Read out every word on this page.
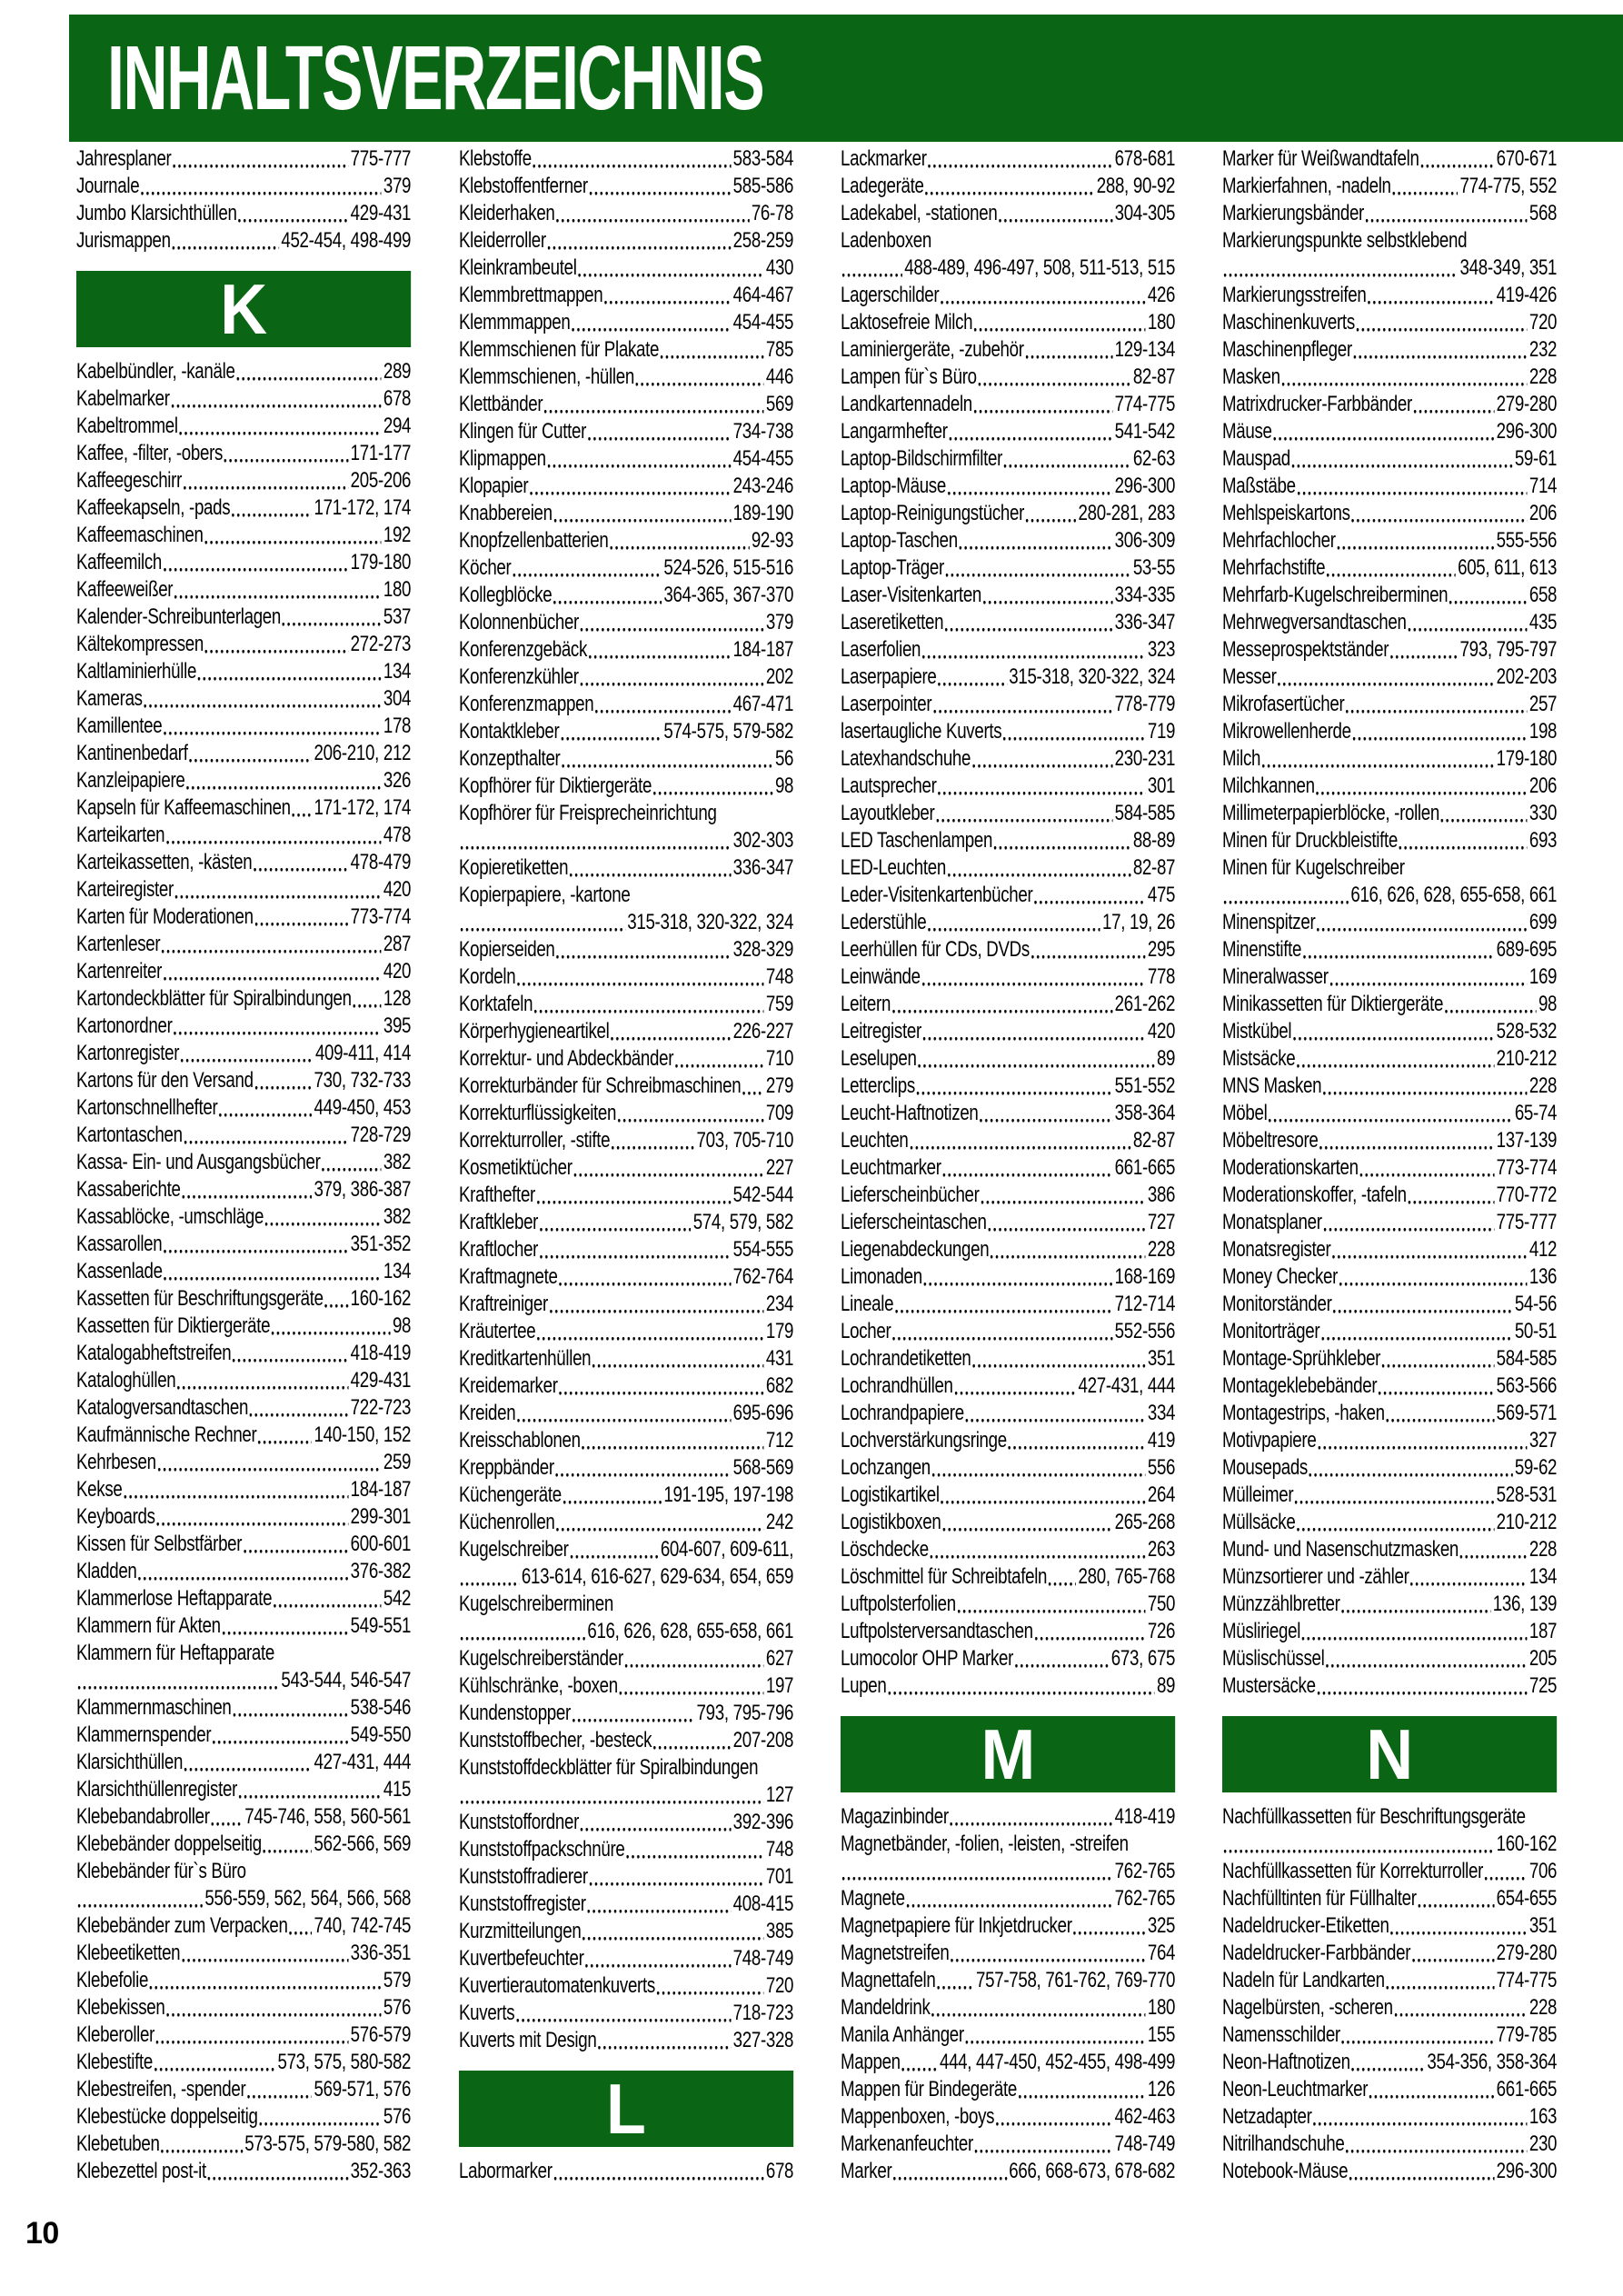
INHALTSVERZEICHNIS
Jahresplaner	775-777
Journale	379
Jumbo Klarsichthüllen	429-431
Jurismappen	452-454, 498-499
K
Kabelbündler, -kanäle	289
Kabelmarker	678
Kabeltrommel	294
Kaffee, -filter, -obers	171-177
Kaffeegeschirr	205-206
Kaffeekapseln, -pads	171-172, 174
Kaffeemaschinen	192
Kaffeemilch	179-180
Kaffeeweißer	180
Kalender-Schreibunterlagen	537
Kältekompressen	272-273
Kaltlaminierhülle	134
Kameras	304
Kamillentee	178
Kantinenbedarf	206-210, 212
Kanzleipapiere	326
Kapseln für Kaffeemaschinen 171-172, 174
Karteikarten	478
Karteikassetten, -kästen	478-479
Karteiregister	420
Karten für Moderationen	773-774
Kartenleser	287
Kartenreiter	420
Kartondeckblätter für Spiralbindungen 128
Kartonordner	395
Kartonregister	409-411, 414
Kartons für den Versand	730, 732-733
Kartonschnellhefter	449-450, 453
Kartontaschen	728-729
Kassa- Ein- und Ausgangsbücher	382
Kassaberichte	379, 386-387
Kassablöcke, -umschläge	382
Kassarollen	351-352
Kassenlade	134
Kassetten für Beschriftungsgeräte 160-162
Kassetten für Diktiergeräte	98
Katalogabheftstreifen	418-419
Kataloghüllen	429-431
Katalogversandtaschen	722-723
Kaufmännische Rechner	140-150, 152
Kehrbesen	259
Kekse	184-187
Keyboards	299-301
Kissen für Selbstfärber	600-601
Kladden	376-382
Klammerlose Heftapparate	542
Klammern für Akten	549-551
Klammern für Heftapparate
543-544, 546-547
Klammernmaschinen	538-546
Klammernspender	549-550
Klarsichthüllen	427-431, 444
Klarsichthüllenregister	415
Klebebandabroller 745-746, 558, 560-561
Klebebänder doppelseitig 562-566, 569
Klebebänder für`s Büro
556-559, 562, 564, 566, 568
Klebebänder zum Verpacken 740, 742-745
Klebeetiketten	336-351
Klebefolie	579
Klebekissen	576
Kleberoller	576-579
Klebestifte	573, 575, 580-582
Klebestreifen, -spender	569-571, 576
Klebestücke doppelseitig	576
Klebetuben	573-575, 579-580, 582
Klebezettel post-it	352-363
Klebstoffe	583-584
Klebstoffentferner	585-586
Kleiderhaken	76-78
Kleiderroller	258-259
Kleinkrambeutel	430
Klemmbrettmappen	464-467
Klemmmappen	454-455
Klemmschienen für Plakate	785
Klemmschienen, -hüllen	446
Klettbänder	569
Klingen für Cutter	734-738
Klipmappen	454-455
Klopapier	243-246
Knabbereien	189-190
Knopfzellenbatterien	92-93
Köcher	524-526, 515-516
Kollegblöcke	364-365, 367-370
Kolonnenbücher	379
Konferenzgebäck	184-187
Konferenzkühler	202
Konferenzmappen	467-471
Kontaktkleber	574-575, 579-582
Konzepthalter	56
Kopfhörer für Diktiergeräte	98
Kopfhörer für Freisprecheinrichtung
302-303
Kopieretiketten	336-347
Kopierpapiere, -kartone
315-318, 320-322, 324
Kopierseiden	328-329
Kordeln	748
Korktafeln	759
Körperhygieneartikel	226-227
Korrektur- und Abdeckbänder	710
Korrekturbänder für Schreibmaschinen 279
Korrekturflüssigkeiten	709
Korrekturroller, -stifte	703, 705-710
Kosmetiktücher	227
Krafthefter	542-544
Kraftkleber	574, 579, 582
Kraftlocher	554-555
Kraftmagnete	762-764
Kraftreiniger	234
Kräutertee	179
Kreditkartenhüllen	431
Kreidemarker	682
Kreiden	695-696
Kreisschablonen	712
Kreppbänder	568-569
Küchengeräte	191-195, 197-198
Küchenrollen	242
Kugelschreiber	604-607, 609-611,
613-614, 616-627, 629-634, 654, 659
Kugelschreiberminen
616, 626, 628, 655-658, 661
Kugelschreiberständer	627
Kühlschränke, -boxen	197
Kundenstopper	793, 795-796
Kunststoffbecher, -besteck	207-208
Kunststoffdeckblätter für Spiralbindungen
127
Kunststoffordner	392-396
Kunststoffpackschnüre	748
Kunststoffradierer	701
Kunststoffregister	408-415
Kurzmitteilungen	385
Kuvertbefeuchter	748-749
Kuvertierautomatenkuverts	720
Kuverts	718-723
Kuverts mit Design	327-328
L
Labormarker	678
Lackmarker	678-681
Ladegeräte	288, 90-92
Ladekabel, -stationen	304-305
Ladenboxen
488-489, 496-497, 508, 511-513, 515
Lagerschilder	426
Laktosefreie Milch	180
Laminiergeräte, -zubehör	129-134
Lampen für`s Büro	82-87
Landkartennadeln	774-775
Langarmhefter	541-542
Laptop-Bildschirmfilter	62-63
Laptop-Mäuse	296-300
Laptop-Reinigungstücher 280-281, 283
Laptop-Taschen	306-309
Laptop-Träger	53-55
Laser-Visitenkarten	334-335
Laseretiketten	336-347
Laserfolien	323
Laserpapiere	315-318, 320-322, 324
Laserpointer	778-779
lasertaugliche Kuverts	719
Latexhandschuhe	230-231
Lautsprecher	301
Layoutkleber	584-585
LED Taschenlampen	88-89
LED-Leuchten	82-87
Leder-Visitenkartenbücher	475
Lederstühle	17, 19, 26
Leerhüllen für CDs, DVDs	295
Leinwände	778
Leitern	261-262
Leitregister	420
Leselupen	89
Letterclips	551-552
Leucht-Haftnotizen	358-364
Leuchten	82-87
Leuchtmarker	661-665
Lieferscheinbücher	386
Lieferscheintaschen	727
Liegenabdeckungen	228
Limonaden	168-169
Lineale	712-714
Locher	552-556
Lochrandetiketten	351
Lochrandhüllen	427-431, 444
Lochrandpapiere	334
Lochverstärkungsringe	419
Lochzangen	556
Logistikartikel	264
Logistikboxen	265-268
Löschdecke	263
Löschmittel für Schreibtafeln 280, 765-768
Luftpolsterfolien	750
Luftpolsterversandtaschen	726
Lumocolor OHP Marker	673, 675
Lupen	89
M
Magazinbinder	418-419
Magnetbänder, -folien, -leisten, -streifen
762-765
Magnete	762-765
Magnetpapiere für Inkjetdrucker	325
Magnetstreifen	764
Magnettafeln 757-758, 761-762, 769-770
Mandeldrink	180
Manila Anhänger	155
Mappen 444, 447-450, 452-455, 498-499
Mappen für Bindegeräte	126
Mappenboxen, -boys	462-463
Markenanfeuchter	748-749
Marker	666, 668-673, 678-682
Marker für Weißwandtafeln	670-671
Markierfahnen, -nadeln	774-775, 552
Markierungsbänder	568
Markierungspunkte selbstklebend
348-349, 351
Markierungsstreifen	419-426
Maschinenkuverts	720
Maschinenpfleger	232
Masken	228
Matrixdrucker-Farbbänder	279-280
Mäuse	296-300
Mauspad	59-61
Maßstäbe	714
Mehlspeiskartons	206
Mehrfachlocher	555-556
Mehrfachstifte	605, 611, 613
Mehrfarb-Kugelschreiberminen	658
Mehrwegversandtaschen	435
Messeprospektständer	793, 795-797
Messer	202-203
Mikrofasertücher	257
Mikrowellenherde	198
Milch	179-180
Milchkannen	206
Millimeterpapierblöcke, -rollen	330
Minen für Druckbleistifte	693
Minen für Kugelschreiber
616, 626, 628, 655-658, 661
Minenspitzer	699
Minenstifte	689-695
Mineralwasser	169
Minikassetten für Diktiergeräte	98
Mistkübel	528-532
Mistsäcke	210-212
MNS Masken	228
Möbel	65-74
Möbeltresore	137-139
Moderationskarten	773-774
Moderationskoffer, -tafeln	770-772
Monatsplaner	775-777
Monatsregister	412
Money Checker	136
Monitorständer	54-56
Monitorträger	50-51
Montage-Sprühkleber	584-585
Montageklebebänder	563-566
Montagestrips, -haken	569-571
Motivpapiere	327
Mousepads	59-62
Mülleimer	528-531
Müllsäcke	210-212
Mund- und Nasenschutzmasken	228
Münzsortierer und -zähler	134
Münzzählbretter	136, 139
Müsliriegel	187
Müslischüssel	205
Mustersäcke	725
N
Nachfüllkassetten für Beschriftungsgeräte
160-162
Nachfüllkassetten für Korrekturroller 706
Nachfülltinten für Füllhalter	654-655
Nadeldrucker-Etiketten	351
Nadeldrucker-Farbbänder	279-280
Nadeln für Landkarten	774-775
Nagelbürsten, -scheren	228
Namensschilder	779-785
Neon-Haftnotizen	354-356, 358-364
Neon-Leuchtmarker	661-665
Netzadapter	163
Nitrilhandschuhe	230
Notebook-Mäuse	296-300
10
